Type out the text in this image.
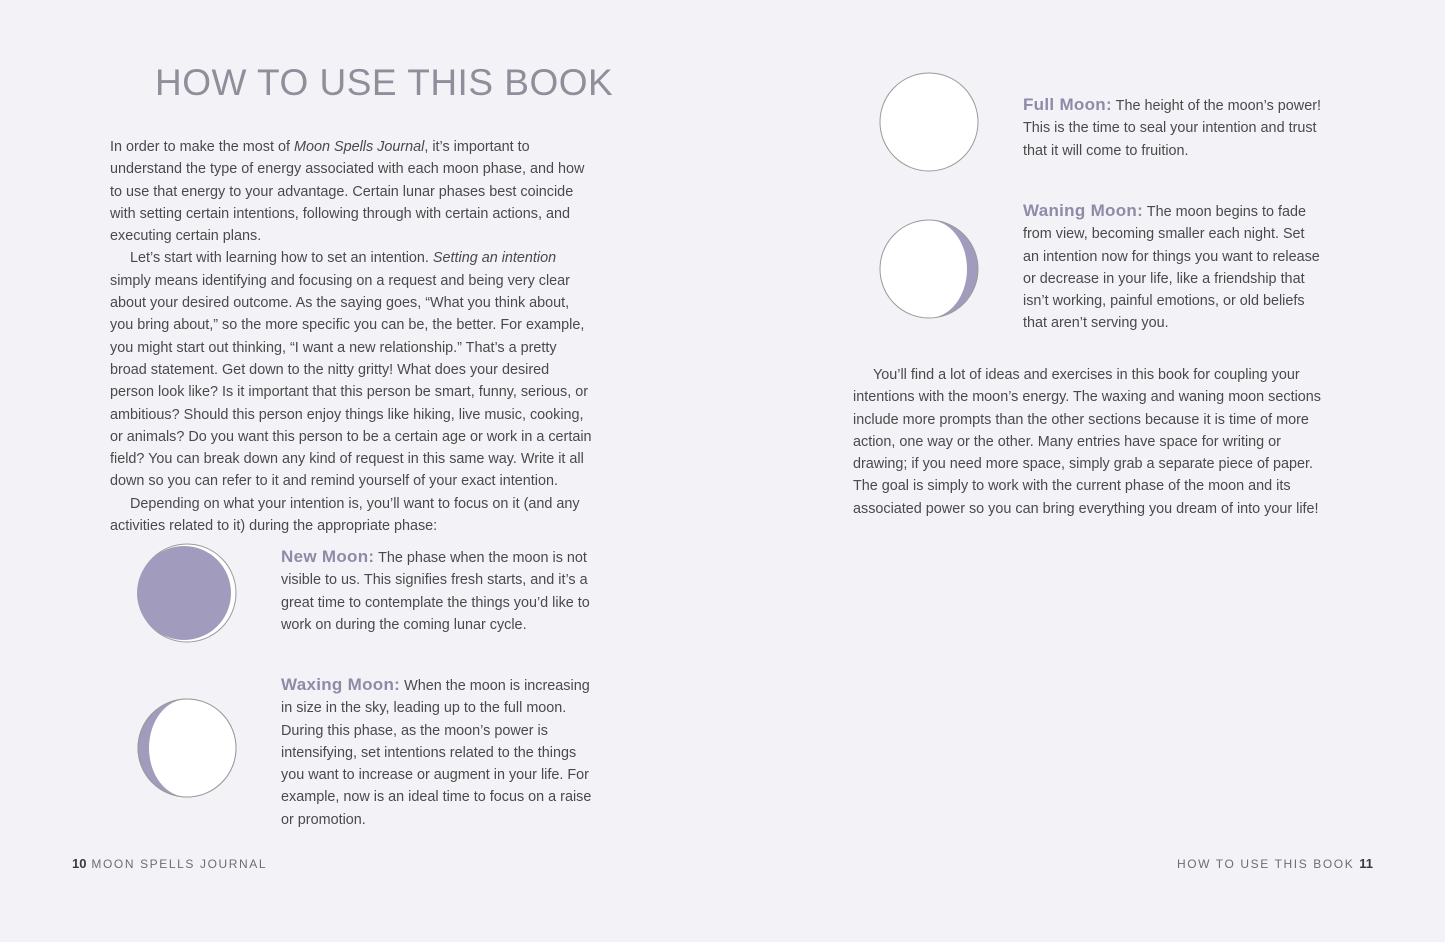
HOW TO USE THIS BOOK

In order to make the most of Moon Spells Journal, it’s important to understand the type of energy associated with each moon phase, and how to use that energy to your advantage. Certain lunar phases best coincide with setting certain intentions, following through with certain actions, and executing certain plans.

Let’s start with learning how to set an intention. Setting an intention simply means identifying and focusing on a request and being very clear about your desired outcome. As the saying goes, “What you think about, you bring about,” so the more specific you can be, the better. For example, you might start out thinking, “I want a new relationship.” That’s a pretty broad statement. Get down to the nitty gritty! What does your desired person look like? Is it important that this person be smart, funny, serious, or ambitious? Should this person enjoy things like hiking, live music, cooking, or animals? Do you want this person to be a certain age or work in a certain field? You can break down any kind of request in this same way. Write it all down so you can refer to it and remind yourself of your exact intention.

Depending on what your intention is, you’ll want to focus on it (and any activities related to it) during the appropriate phase:

New Moon: The phase when the moon is not visible to us. This signifies fresh starts, and it’s a great time to contemplate the things you’d like to work on during the coming lunar cycle.
Waxing Moon: When the moon is increasing in size in the sky, leading up to the full moon. During this phase, as the moon’s power is intensifying, set intentions related to the things you want to increase or augment in your life. For example, now is an ideal time to focus on a raise or promotion.
10 MOON SPELLS JOURNAL
Full Moon: The height of the moon’s power! This is the time to seal your intention and trust that it will come to fruition.
Waning Moon: The moon begins to fade from view, becoming smaller each night. Set an intention now for things you want to release or decrease in your life, like a friendship that isn’t working, painful emotions, or old beliefs that aren’t serving you.

You’ll find a lot of ideas and exercises in this book for coupling your intentions with the moon’s energy. The waxing and waning moon sections include more prompts than the other sections because it is time of more action, one way or the other. Many entries have space for writing or drawing; if you need more space, simply grab a separate piece of paper. The goal is simply to work with the current phase of the moon and its associated power so you can bring everything you dream of into your life!

HOW TO USE THIS BOOK 11
